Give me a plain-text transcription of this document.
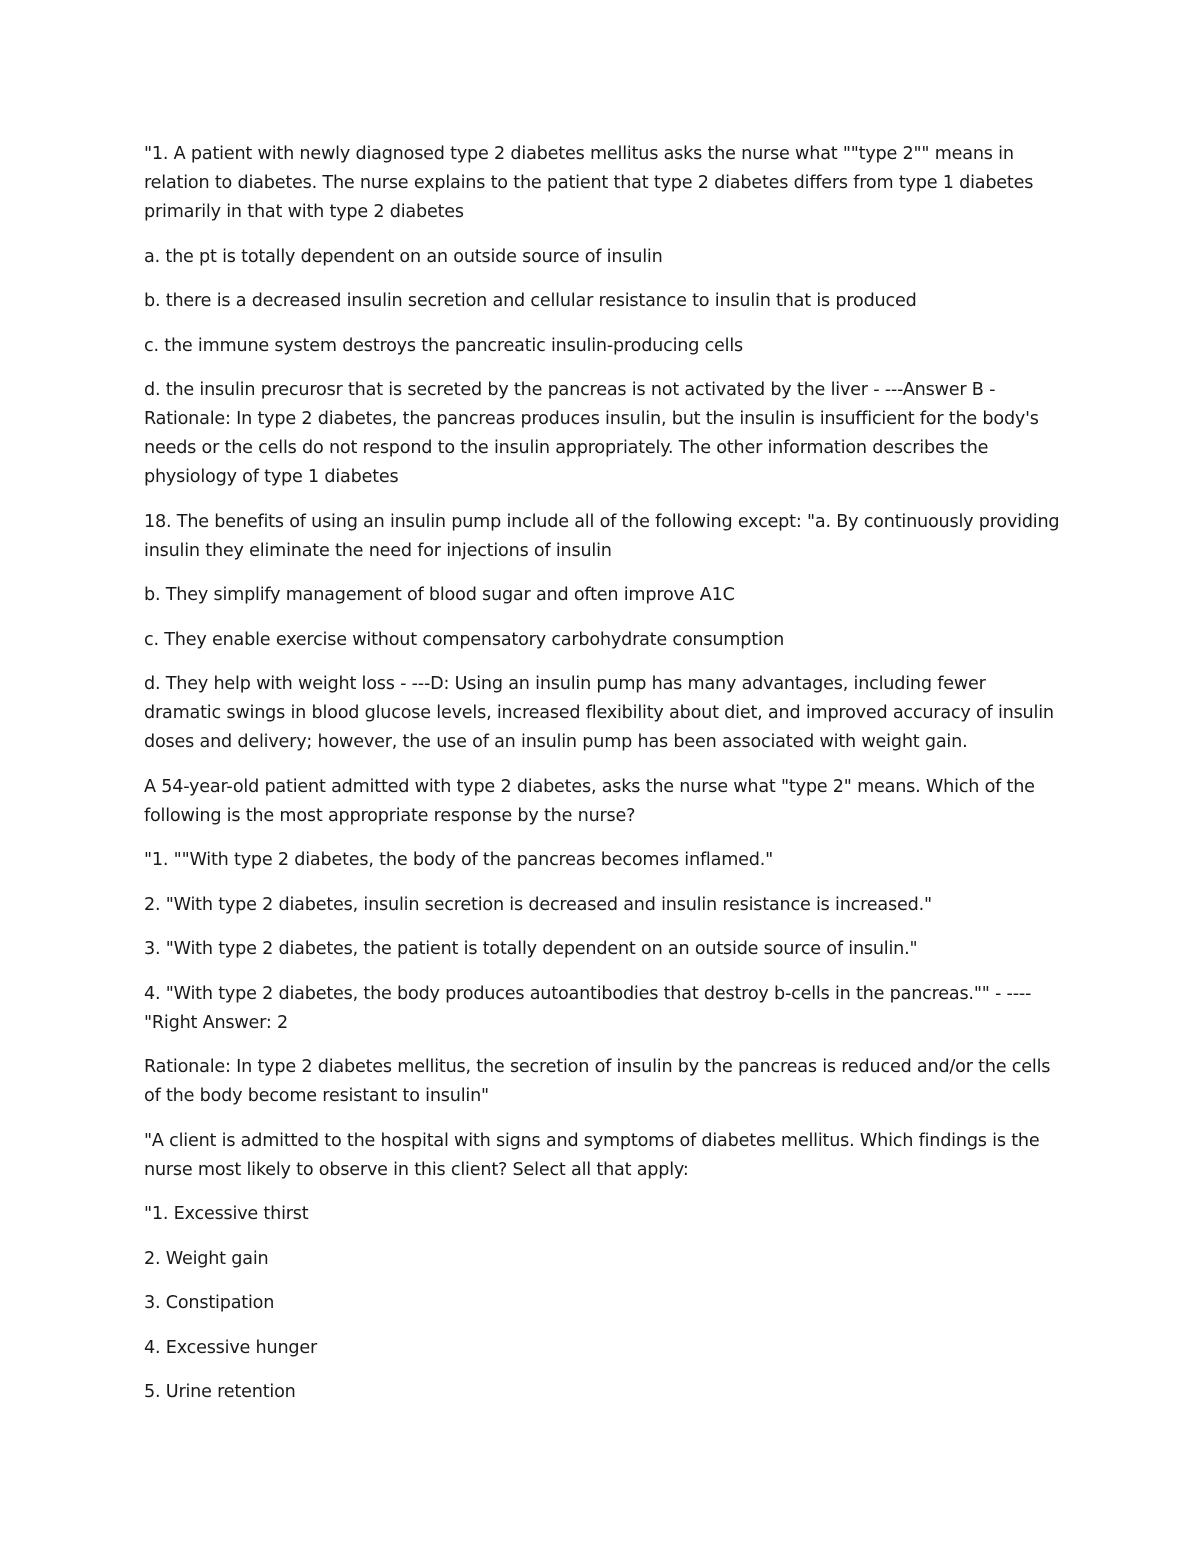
"1. A patient with newly diagnosed type 2 diabetes mellitus asks the nurse what ""type 2"" means in relation to diabetes. The nurse explains to the patient that type 2 diabetes differs from type 1 diabetes primarily in that with type 2 diabetes

a. the pt is totally dependent on an outside source of insulin

b. there is a decreased insulin secretion and cellular resistance to insulin that is produced

c. the immune system destroys the pancreatic insulin-producing cells

d. the insulin precurosr that is secreted by the pancreas is not activated by the liver - ---Answer B - Rationale: In type 2 diabetes, the pancreas produces insulin, but the insulin is insufficient for the body's needs or the cells do not respond to the insulin appropriately. The other information describes the physiology of type 1 diabetes

18. The benefits of using an insulin pump include all of the following except: "a. By continuously providing insulin they eliminate the need for injections of insulin

b. They simplify management of blood sugar and often improve A1C

c. They enable exercise without compensatory carbohydrate consumption

d. They help with weight loss - ---D: Using an insulin pump has many advantages, including fewer dramatic swings in blood glucose levels, increased flexibility about diet, and improved accuracy of insulin doses and delivery; however, the use of an insulin pump has been associated with weight gain.

A 54-year-old patient admitted with type 2 diabetes, asks the nurse what "type 2" means. Which of the following is the most appropriate response by the nurse?

"1. ""With type 2 diabetes, the body of the pancreas becomes inflamed."

2. "With type 2 diabetes, insulin secretion is decreased and insulin resistance is increased."

3. "With type 2 diabetes, the patient is totally dependent on an outside source of insulin."

4. "With type 2 diabetes, the body produces autoantibodies that destroy b-cells in the pancreas."" - ----"Right Answer: 2

Rationale: In type 2 diabetes mellitus, the secretion of insulin by the pancreas is reduced and/or the cells of the body become resistant to insulin"

"A client is admitted to the hospital with signs and symptoms of diabetes mellitus. Which findings is the nurse most likely to observe in this client? Select all that apply:

"1. Excessive thirst

2. Weight gain

3. Constipation

4. Excessive hunger

5. Urine retention
